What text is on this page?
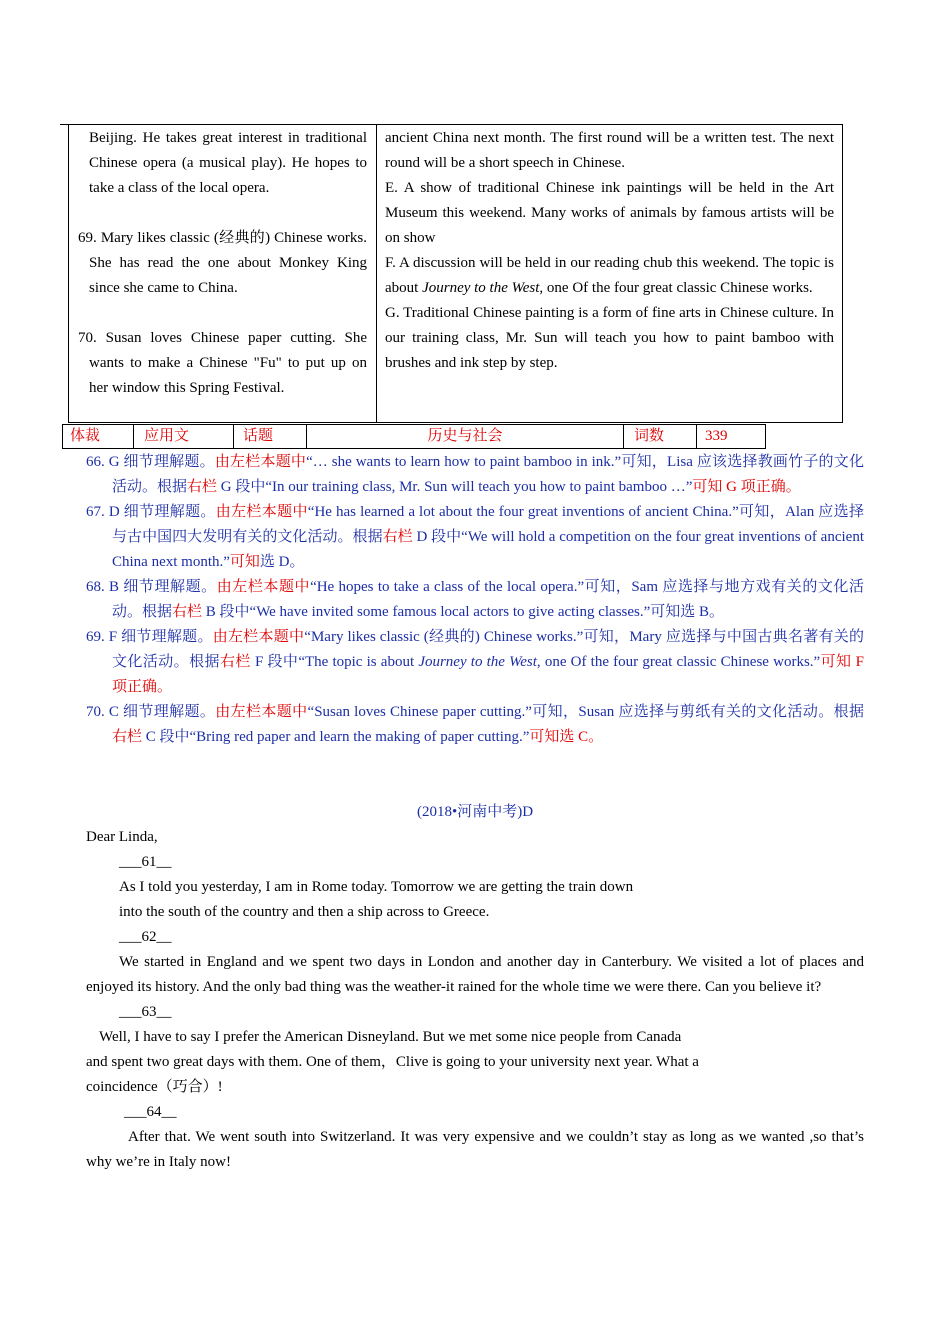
Beijing. He takes great interest in traditional Chinese opera (a musical play). He hopes to take a class of the local opera.

69. Mary likes classic (经典的) Chinese works. She has read the one about Monkey King since she came to China.

70. Susan loves Chinese paper cutting. She wants to make a Chinese "Fu" to put up on her window this Spring Festival.

ancient China next month. The first round will be a written test. The next round will be a short speech in Chinese.

E. A show of traditional Chinese ink paintings will be held in the Art Museum this weekend. Many works of animals by famous artists will be on show

F. A discussion will be held in our reading chub this weekend. The topic is about Journey to the West, one Of the four great classic Chinese works.

G. Traditional Chinese painting is a form of fine arts in Chinese culture. In our training class, Mr. Sun will teach you how to paint bamboo with brushes and ink step by step.

体裁	应用文	话题	历史与社会	词数	339

66. G 细节理解题。由左栏本题中“… she wants to learn how to paint bamboo in ink.”可知，Lisa 应该选择教画竹子的文化活动。根据右栏 G 段中“In our training class, Mr. Sun will teach you how to paint bamboo …”可知 G 项正确。

67. D 细节理解题。由左栏本题中“He has learned a lot about the four great inventions of ancient China.”可知，Alan 应选择与古中国四大发明有关的文化活动。根据右栏 D 段中“We will hold a competition on the four great inventions of ancient China next month.”可知选 D。

68. B 细节理解题。由左栏本题中“He hopes to take a class of the local opera.”可知，Sam 应选择与地方戏有关的文化活动。根据右栏 B 段中“We have invited some famous local actors to give acting classes.”可知选 B。

69. F 细节理解题。由左栏本题中“Mary likes classic (经典的) Chinese works.”可知，Mary 应选择与中国古典名著有关的文化活动。根据右栏 F 段中“The topic is about Journey to the West, one Of the four great classic Chinese works.”可知 F 项正确。

70. C 细节理解题。由左栏本题中“Susan loves Chinese paper cutting.”可知，Susan 应选择与剪纸有关的文化活动。根据右栏 C 段中“Bring red paper and learn the making of paper cutting.”可知选 C。

(2018•河南中考)D

Dear Linda,

___61__

As I told you yesterday, I am in Rome today. Tomorrow we are getting the train down

into the south of the country and then a ship across to Greece.

___62__

We started in England and we spent two days in London and another day in Canterbury. We visited a lot of places and enjoyed its history. And the only bad thing was the weather-it rained for the whole time we were there. Can you believe it?

___63__

Well, I have to say I prefer the American Disneyland. But we met some nice people from Canada

and spent two great days with them. One of them，Clive is going to your university next year. What a

coincidence（巧合）!

___64__

After that. We went south into Switzerland. It was very expensive and we couldn’t stay as long as we wanted ,so that’s why we’re in Italy now!
